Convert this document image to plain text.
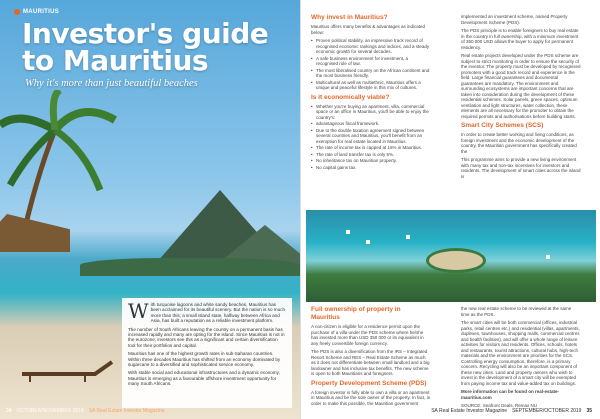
MAURITIUS
Investor's guide to Mauritius
Why it's more than just beautiful beaches
W ith turquoise lagoons and white sandy beaches, Mauritius has been acclaimed for its beautiful scenery. But the nation is so much more than this; a small island state, halfway between Africa and Asia, has built a reputation as a reliable investment platform.

The number of South Africans leaving the country on a permanent basis has increased rapidly and many are opting for the island. Since Mauritius is not in the eurozone, investors see this as a significant and certain diversification tool for their portfolios and capital.

Mauritius has one of the highest growth rates in sub-Saharan countries. Within three decades Mauritius has shifted from an economy dominated by sugarcane to a diversified and sophisticated service economy.

With stable social and educational infrastructures and a dynamic economy, Mauritius is emerging as a favourable offshore investment opportunity for many South Africans.

34 OCTOBER/NOVEMBER 2019 SA Real Estate Investor Magazine
Why invest in Mauritius?

Mauritius offers many benefits & advantages as indicated below:

• Proven political stability, an impressive track record of recognised economic rankings and indices, and a steady economic growth for several decades.
• A safe business environment for investment, a recognised rule of law.
• The most liberalised country on the African continent and the most business friendly.
• Multicultural as well as multiethnic, Mauritius offers a unique and peaceful lifestyle in this mix of cultures.
Is it economically viable?
• Whether you're buying an apartment, villa, commercial space or an office in Mauritius, you'll be able to enjoy the country's:
• advantageous fiscal framework.
• Due to the double taxation agreement signed between several countries and Mauritius, you'll benefit from an exemption for real estate located in Mauritius.
• The rate of income tax is capped at 15% in Mauritius.
• The rate of land transfer tax is only 5%.
• No inheritance tax on Mauritian property.
• No capital gains tax.

implemented an investment scheme, named Property Development Scheme (PDS).

The PDS principle is to enable foreigners to buy real estate in the country in full ownership, with a minimum investment of 350 000 USD allows the buyer to apply for permanent residency.

Real estate projects developed under the PDS scheme are subject to strict monitoring in order to ensure the security of the investor. The property must be developed by recognised promoters with a good track record and experience in the field. Large financial guarantees and documental guarantees are mandatory. The environment and surrounding ecosystems are important concerns that are taken into consideration during the development of these residential schemes. Solar panels, green spaces, optimum ventilation and light structures, water collection, these elements are all necessary for the promoter to obtain the required permits and authorisations before building starts.

Smart City Schemes (SCS)

In order to create better working and living conditions, as foreign investment and the economic development of the country, the Mauritian government has specifically created the

This programme aims to provide a new living environment with many tax and non-tax incentives for investors and residents. The development of smart cities across the island is

Full ownership of property in Mauritius

A non-citizen is eligible for a residence permit upon the purchase of a villa under the PDS scheme where he/she has invested more than USD 350 000 or its equivalent in any freely convertible foreign currency.

The PDS is also a diversification from the IRS – Integrated Resort Scheme and RES – Real Estate Scheme as much as it does not differentiate between small landlord and a big landowner and has inclusive tax benefits. The new scheme is open to both Mauritians and foreigners.

Property Development Scheme (PDS)

A foreign investor is fully able to own a villa or an apartment in Mauritius and be the sole owner of the property. In fact, in order to make this possible, the Mauritian government

the new real estate scheme to be reviewed at the same time as the PDS.

The smart cities will be both commercial (offices, industrial parks, retail centres etc.) and residential (villas, apartments, duplexes, townhouses, shopping malls, commercial centres and health facilities), and will offer a whole range of leisure activities for visitors and residents. Offices, schools, hotels and restaurants, tourist attractions, cultural hubs, high-tech materials and the environment are priorities for the SCS. Controlling energy consumption, therefore, is a primary concern. Recycling will also be an important component of these new cities. Land and property owners who wish to invest in the development of a smart city will be exempted from paying income tax and value-added tax on buildings.

More information can be found on real-estate-mauritius.com

SOURCE: Seafront Deals, Remax NU

SA Real Estate Investor Magazine SEPTEMBER/OCTOBER 2019 35
